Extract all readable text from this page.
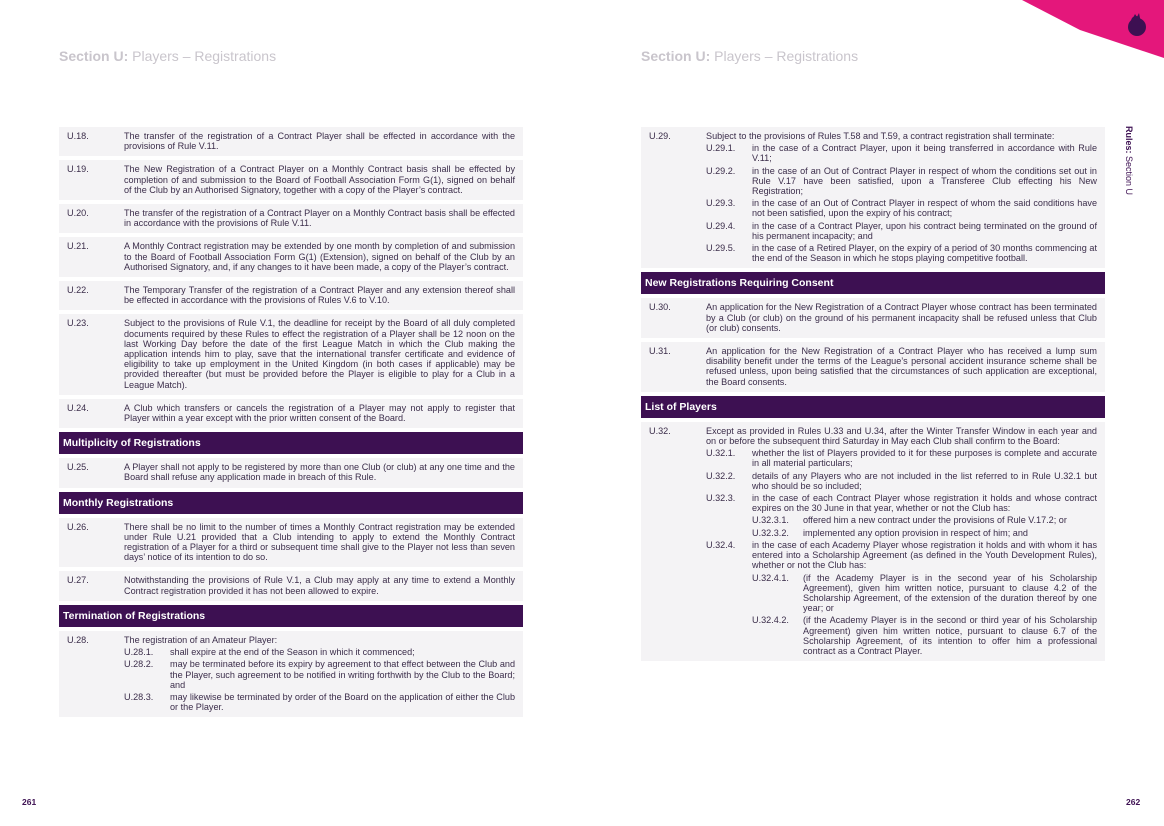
Section U: Players – Registrations	Section U: Players – Registrations
Rules: Section U
U.18.	The transfer of the registration of a Contract Player shall be effected in accordance with the provisions of Rule V.11.
U.19.	The New Registration of a Contract Player on a Monthly Contract basis shall be effected by completion of and submission to the Board of Football Association Form G(1), signed on behalf of the Club by an Authorised Signatory, together with a copy of the Player’s contract.
U.20.	The transfer of the registration of a Contract Player on a Monthly Contract basis shall be effected in accordance with the provisions of Rule V.11.
U.21.	A Monthly Contract registration may be extended by one month by completion of and submission to the Board of Football Association Form G(1) (Extension), signed on behalf of the Club by an Authorised Signatory, and, if any changes to it have been made, a copy of the Player’s contract.
U.22.	The Temporary Transfer of the registration of a Contract Player and any extension thereof shall be effected in accordance with the provisions of Rules V.6 to V.10.
U.23.	Subject to the provisions of Rule V.1, the deadline for receipt by the Board of all duly completed documents required by these Rules to effect the registration of a Player shall be 12 noon on the last Working Day before the date of the first League Match in which the Club making the application intends him to play, save that the international transfer certificate and evidence of eligibility to take up employment in the United Kingdom (in both cases if applicable) may be provided thereafter (but must be provided before the Player is eligible to play for a Club in a League Match).
U.24.	A Club which transfers or cancels the registration of a Player may not apply to register that Player within a year except with the prior written consent of the Board.
Multiplicity of Registrations
U.25.	A Player shall not apply to be registered by more than one Club (or club) at any one time and the Board shall refuse any application made in breach of this Rule.
Monthly Registrations
U.26.	There shall be no limit to the number of times a Monthly Contract registration may be extended under Rule U.21 provided that a Club intending to apply to extend the Monthly Contract registration of a Player for a third or subsequent time shall give to the Player not less than seven days’ notice of its intention to do so.
U.27.	Notwithstanding the provisions of Rule V.1, a Club may apply at any time to extend a Monthly Contract registration provided it has not been allowed to expire.
Termination of Registrations
U.28.	The registration of an Amateur Player:
U.28.1.	shall expire at the end of the Season in which it commenced;
U.28.2.	may be terminated before its expiry by agreement to that effect between the Club and the Player, such agreement to be notified in writing forthwith by the Club to the Board; and
U.28.3.	may likewise be terminated by order of the Board on the application of either the Club or the Player.
U.29.	Subject to the provisions of Rules T.58 and T.59, a contract registration shall terminate:
U.29.1.	in the case of a Contract Player, upon it being transferred in accordance with Rule V.11;
U.29.2.	in the case of an Out of Contract Player in respect of whom the conditions set out in Rule V.17 have been satisfied, upon a Transferee Club effecting his New Registration;
U.29.3.	in the case of an Out of Contract Player in respect of whom the said conditions have not been satisfied, upon the expiry of his contract;
U.29.4.	in the case of a Contract Player, upon his contract being terminated on the ground of his permanent incapacity; and
U.29.5.	in the case of a Retired Player, on the expiry of a period of 30 months commencing at the end of the Season in which he stops playing competitive football.
New Registrations Requiring Consent
U.30.	An application for the New Registration of a Contract Player whose contract has been terminated by a Club (or club) on the ground of his permanent incapacity shall be refused unless that Club (or club) consents.
U.31.	An application for the New Registration of a Contract Player who has received a lump sum disability benefit under the terms of the League’s personal accident insurance scheme shall be refused unless, upon being satisfied that the circumstances of such application are exceptional, the Board consents.
List of Players
U.32.	Except as provided in Rules U.33 and U.34, after the Winter Transfer Window in each year and on or before the subsequent third Saturday in May each Club shall confirm to the Board:
U.32.1.	whether the list of Players provided to it for these purposes is complete and accurate in all material particulars;
U.32.2.	details of any Players who are not included in the list referred to in Rule U.32.1 but who should be so included;
U.32.3.	in the case of each Contract Player whose registration it holds and whose contract expires on the 30 June in that year, whether or not the Club has:
U.32.3.1.	offered him a new contract under the provisions of Rule V.17.2; or
U.32.3.2.	implemented any option provision in respect of him; and
U.32.4.	in the case of each Academy Player whose registration it holds and with whom it has entered into a Scholarship Agreement (as defined in the Youth Development Rules), whether or not the Club has:
U.32.4.1.	(if the Academy Player is in the second year of his Scholarship Agreement), given him written notice, pursuant to clause 4.2 of the Scholarship Agreement, of the extension of the duration thereof by one year; or
U.32.4.2.	(if the Academy Player is in the second or third year of his Scholarship Agreement) given him written notice, pursuant to clause 6.7 of the Scholarship Agreement, of its intention to offer him a professional contract as a Contract Player.
261	262
